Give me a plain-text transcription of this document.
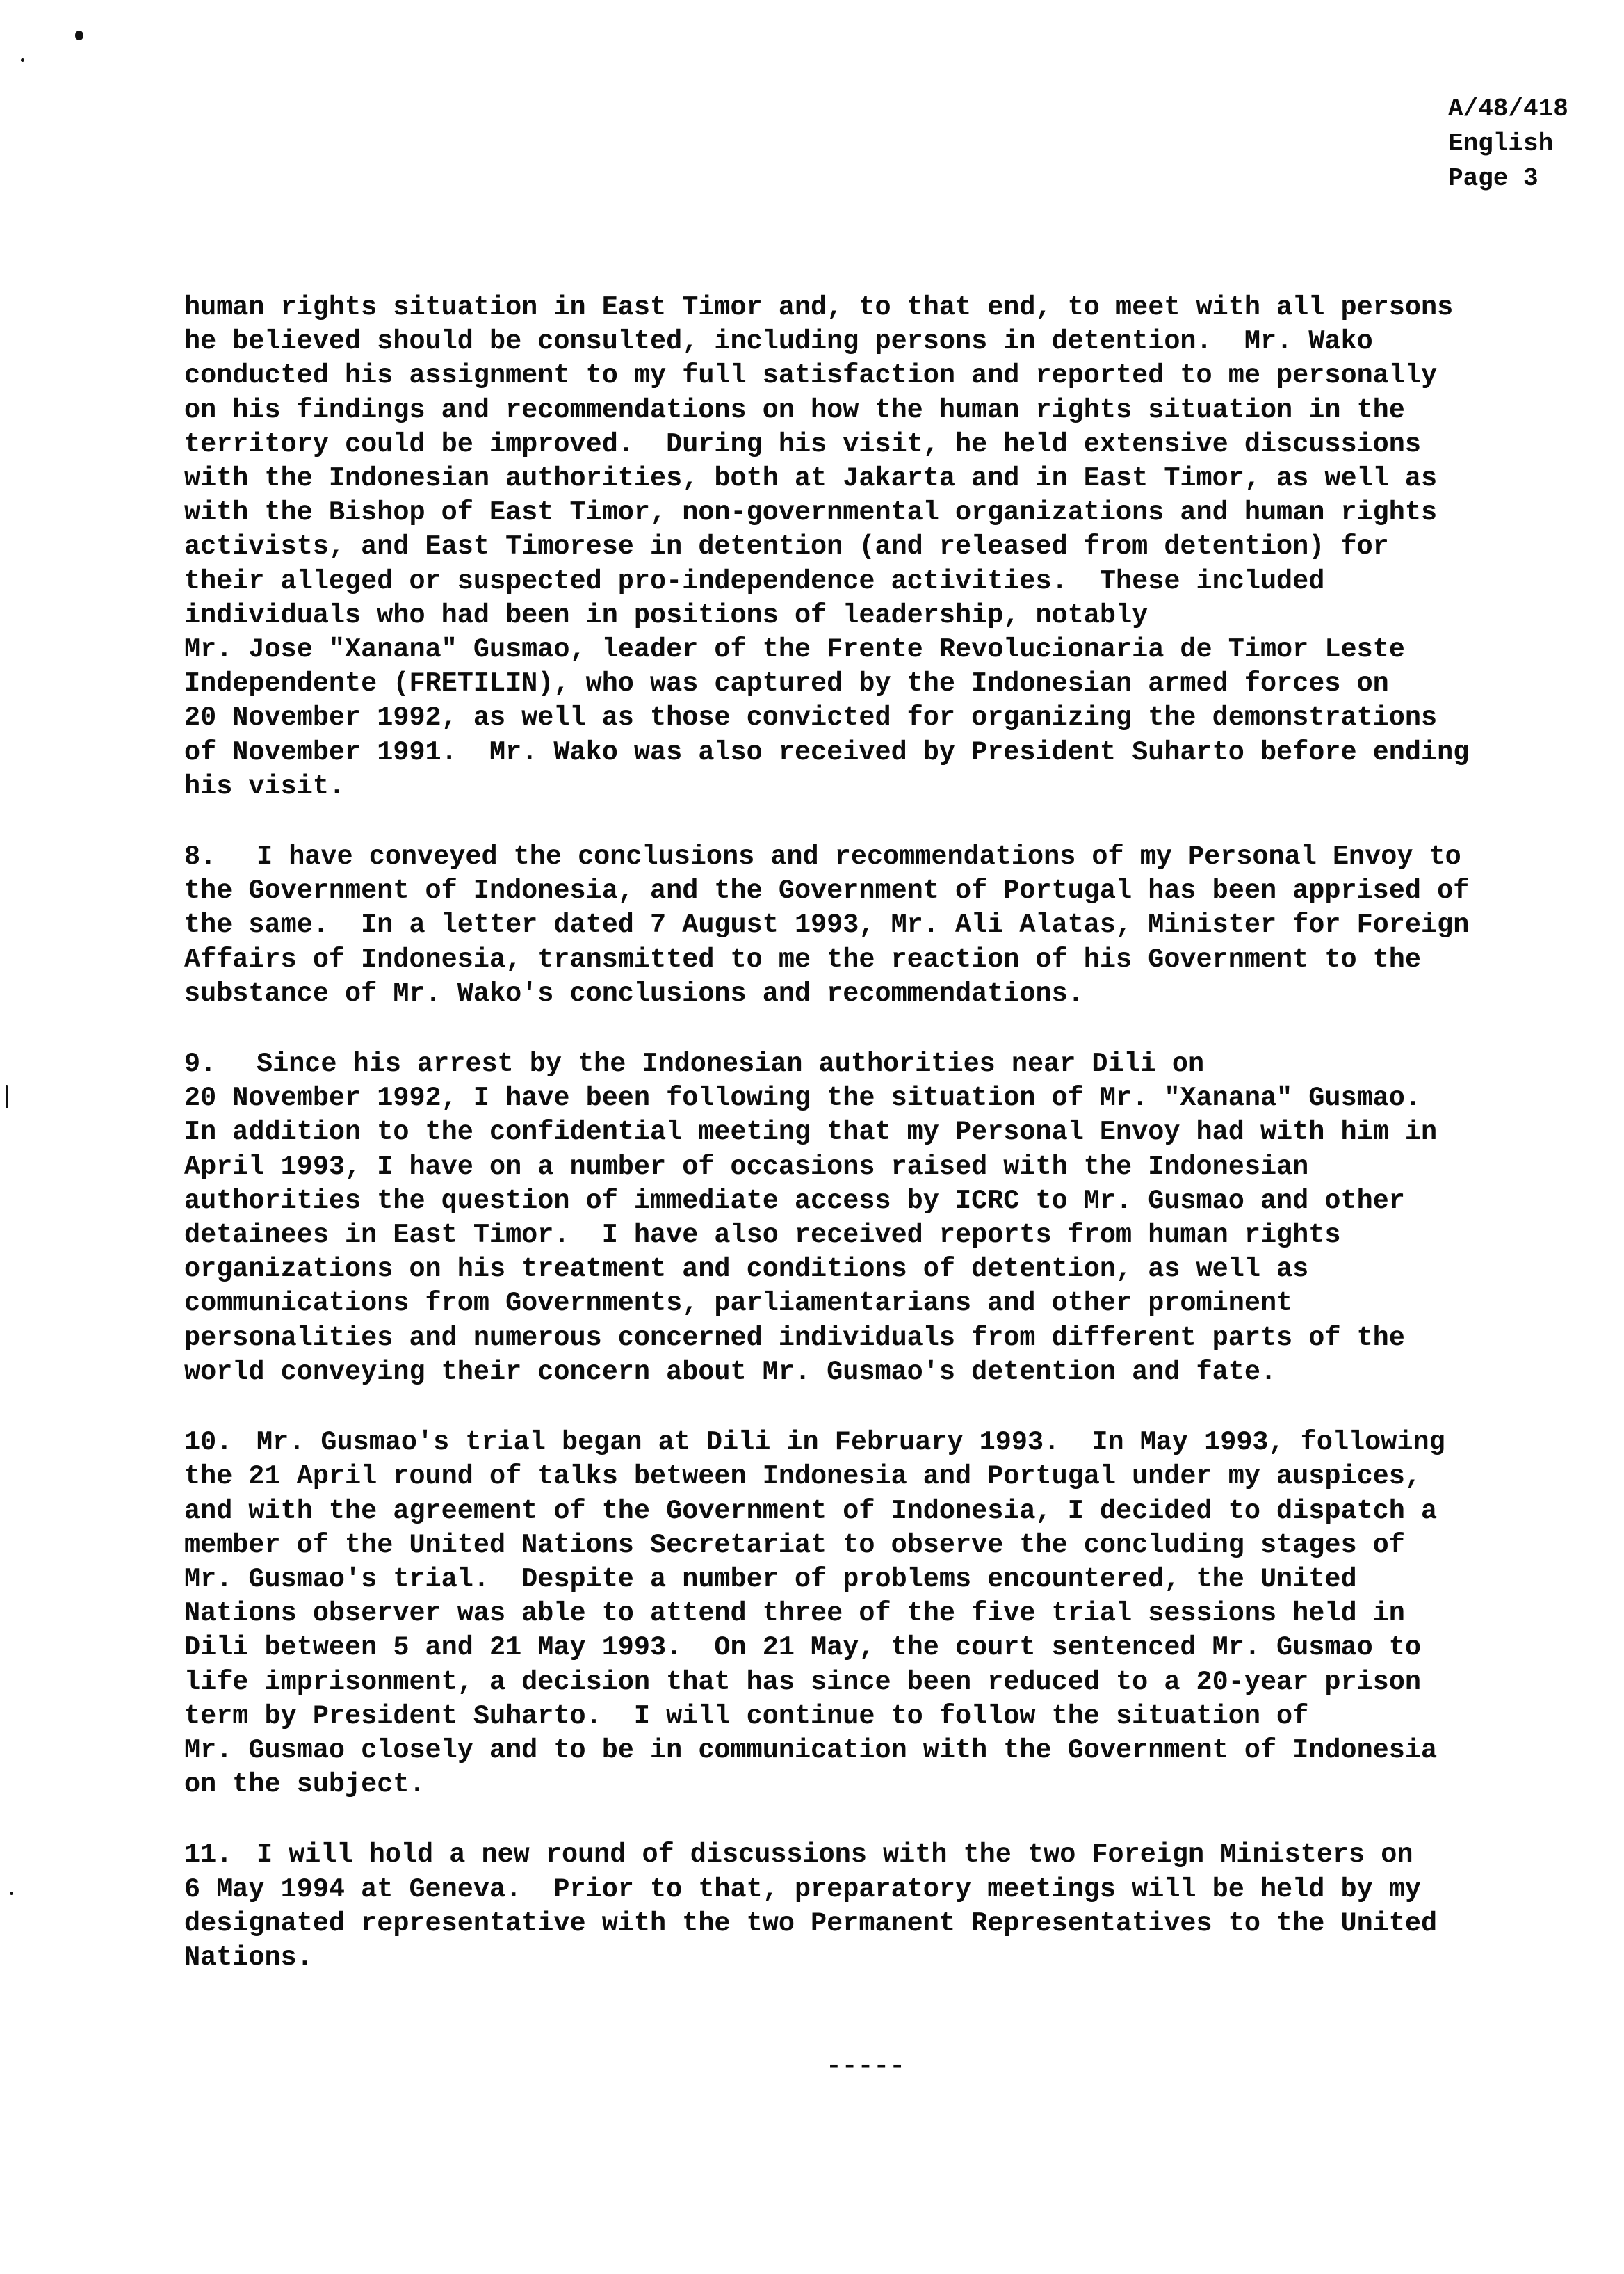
A/48/418
English
Page 3
human rights situation in East Timor and, to that end, to meet with all persons
he believed should be consulted, including persons in detention.  Mr. Wako
conducted his assignment to my full satisfaction and reported to me personally
on his findings and recommendations on how the human rights situation in the
territory could be improved.  During his visit, he held extensive discussions
with the Indonesian authorities, both at Jakarta and in East Timor, as well as
with the Bishop of East Timor, non-governmental organizations and human rights
activists, and East Timorese in detention (and released from detention) for
their alleged or suspected pro-independence activities.  These included
individuals who had been in positions of leadership, notably
Mr. Jose "Xanana" Gusmao, leader of the Frente Revolucionaria de Timor Leste
Independente (FRETILIN), who was captured by the Indonesian armed forces on
20 November 1992, as well as those convicted for organizing the demonstrations
of November 1991.  Mr. Wako was also received by President Suharto before ending
his visit.
8. I have conveyed the conclusions and recommendations of my Personal Envoy to
the Government of Indonesia, and the Government of Portugal has been apprised of
the same.  In a letter dated 7 August 1993, Mr. Ali Alatas, Minister for Foreign
Affairs of Indonesia, transmitted to me the reaction of his Government to the
substance of Mr. Wako's conclusions and recommendations.
9. Since his arrest by the Indonesian authorities near Dili on
20 November 1992, I have been following the situation of Mr. "Xanana" Gusmao.
In addition to the confidential meeting that my Personal Envoy had with him in
April 1993, I have on a number of occasions raised with the Indonesian
authorities the question of immediate access by ICRC to Mr. Gusmao and other
detainees in East Timor.  I have also received reports from human rights
organizations on his treatment and conditions of detention, as well as
communications from Governments, parliamentarians and other prominent
personalities and numerous concerned individuals from different parts of the
world conveying their concern about Mr. Gusmao's detention and fate.
10. Mr. Gusmao's trial began at Dili in February 1993.  In May 1993, following
the 21 April round of talks between Indonesia and Portugal under my auspices,
and with the agreement of the Government of Indonesia, I decided to dispatch a
member of the United Nations Secretariat to observe the concluding stages of
Mr. Gusmao's trial.  Despite a number of problems encountered, the United
Nations observer was able to attend three of the five trial sessions held in
Dili between 5 and 21 May 1993.  On 21 May, the court sentenced Mr. Gusmao to
life imprisonment, a decision that has since been reduced to a 20-year prison
term by President Suharto.  I will continue to follow the situation of
Mr. Gusmao closely and to be in communication with the Government of Indonesia
on the subject.
11. I will hold a new round of discussions with the two Foreign Ministers on
6 May 1994 at Geneva.  Prior to that, preparatory meetings will be held by my
designated representative with the two Permanent Representatives to the United
Nations.
-----
